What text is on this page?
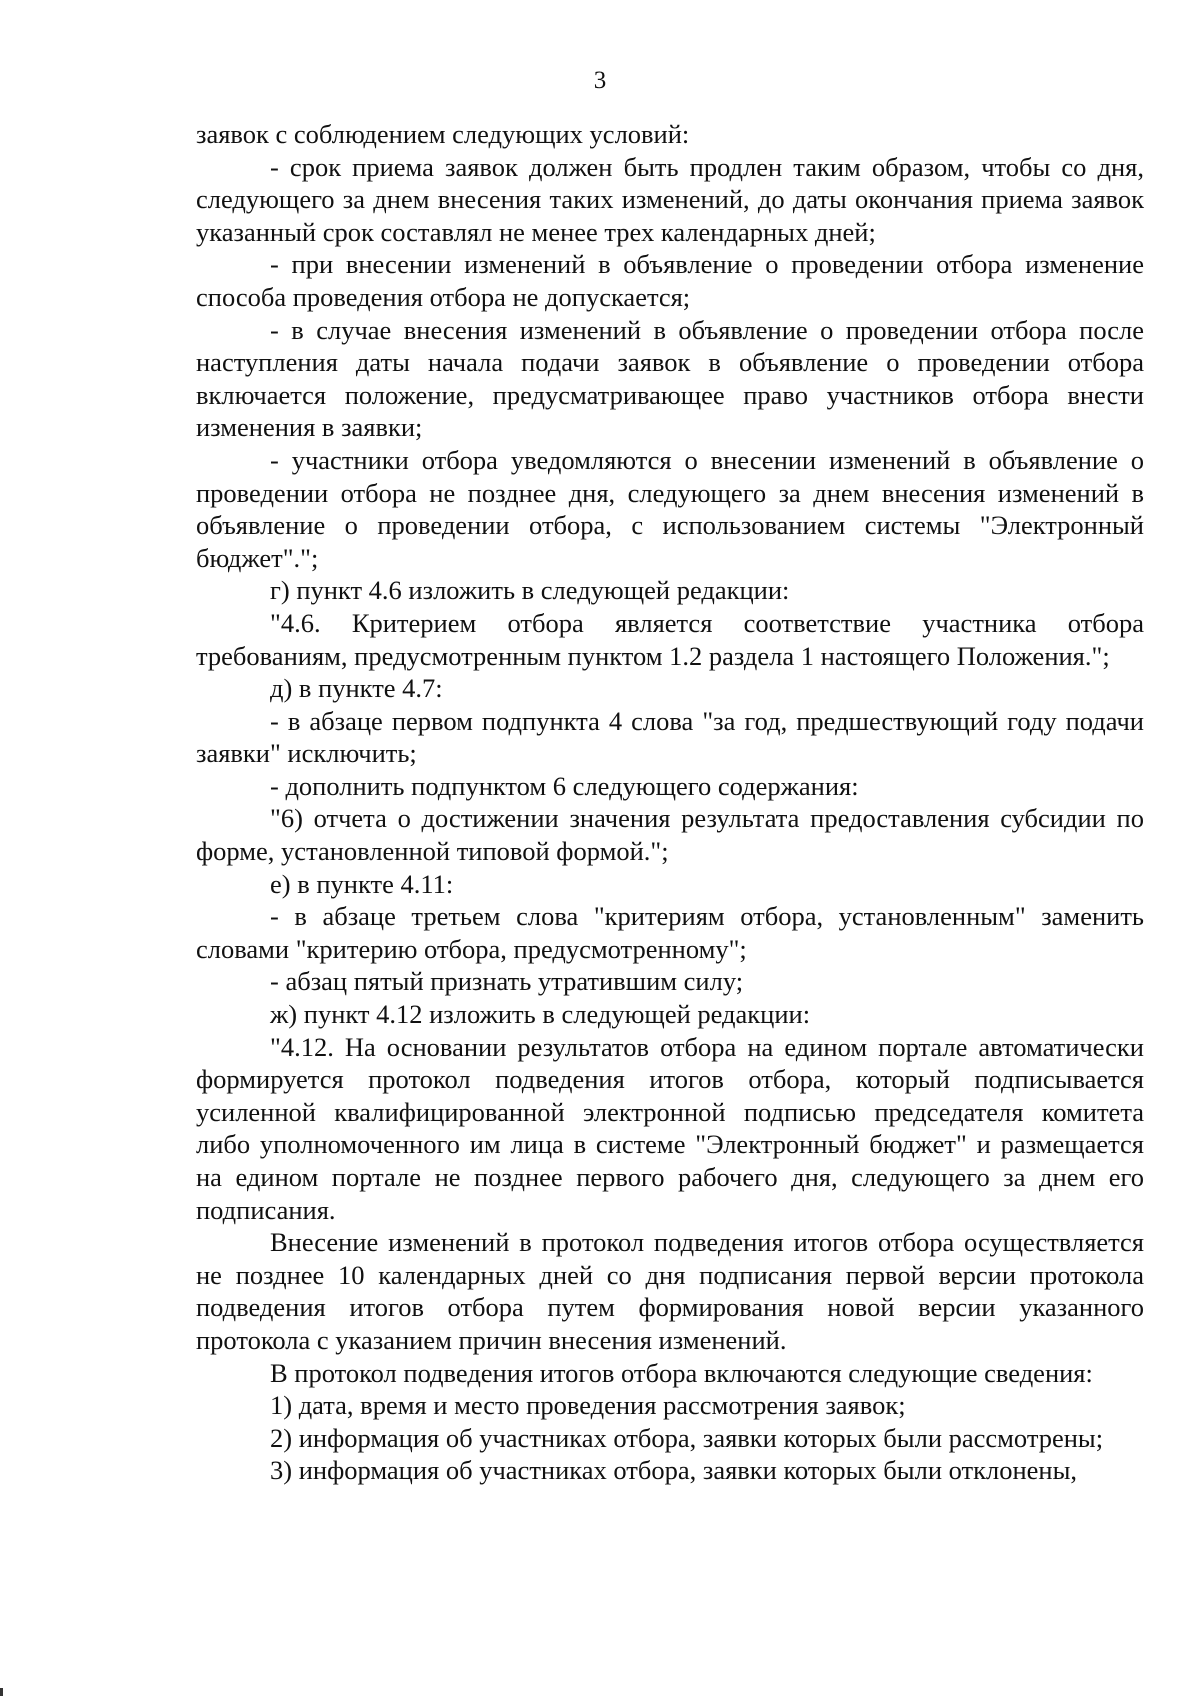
3

заявок с соблюдением следующих условий:

- срок приема заявок должен быть продлен таким образом, чтобы со дня, следующего за днем внесения таких изменений, до даты окончания приема заявок указанный срок составлял не менее трех календарных дней;

- при внесении изменений в объявление о проведении отбора изменение способа проведения отбора не допускается;

- в случае внесения изменений в объявление о проведении отбора после наступления даты начала подачи заявок в объявление о проведении отбора включается положение, предусматривающее право участников отбора внести изменения в заявки;

- участники отбора уведомляются о внесении изменений в объявление о проведении отбора не позднее дня, следующего за днем внесения изменений в объявление о проведении отбора, с использованием системы "Электронный бюджет".";

г) пункт 4.6 изложить в следующей редакции:

"4.6. Критерием отбора является соответствие участника отбора требованиям, предусмотренным пунктом 1.2 раздела 1 настоящего Положения.";

д) в пункте 4.7:

- в абзаце первом подпункта 4 слова "за год, предшествующий году подачи заявки" исключить;

- дополнить подпунктом 6 следующего содержания:

"6) отчета о достижении значения результата предоставления субсидии по форме, установленной типовой формой.";

е) в пункте 4.11:

- в абзаце третьем слова "критериям отбора, установленным" заменить словами "критерию отбора, предусмотренному";

- абзац пятый признать утратившим силу;

ж) пункт 4.12 изложить в следующей редакции:

"4.12. На основании результатов отбора на едином портале автоматически формируется протокол подведения итогов отбора, который подписывается усиленной квалифицированной электронной подписью председателя комитета либо уполномоченного им лица в системе "Электронный бюджет" и размещается на едином портале не позднее первого рабочего дня, следующего за днем его подписания.

Внесение изменений в протокол подведения итогов отбора осуществляется не позднее 10 календарных дней со дня подписания первой версии протокола подведения итогов отбора путем формирования новой версии указанного протокола с указанием причин внесения изменений.

В протокол подведения итогов отбора включаются следующие сведения:

1) дата, время и место проведения рассмотрения заявок;

2) информация об участниках отбора, заявки которых были рассмотрены;

3) информация об участниках отбора, заявки которых были отклонены,
